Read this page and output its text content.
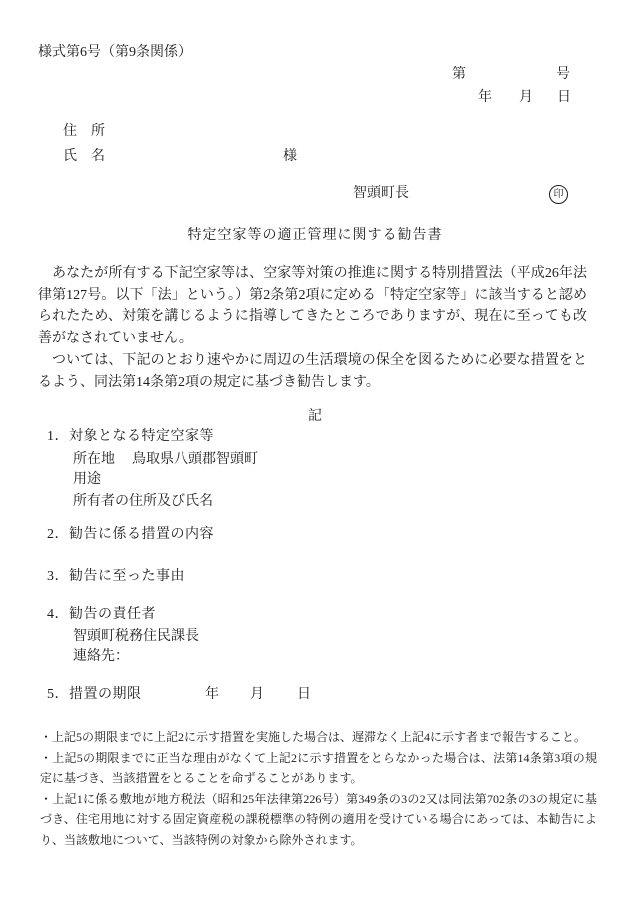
様式第6号（第9条関係）
第	号
年 月 日
住　所
氏　名	様
智頭町長	印
特定空家等の適正管理に関する勧告書

あなたが所有する下記空家等は、空家等対策の推進に関する特別措置法（平成26年法律第127号。以下「法」という。）第2条第2項に定める「特定空家等」に該当すると認められたため、対策を講じるように指導してきたところでありますが、現在に至っても改善がなされていません。

ついては、下記のとおり速やかに周辺の生活環境の保全を図るために必要な措置をとるよう、同法第14条第2項の規定に基づき勧告します。

記
1．対象となる特定空家等
所在地 鳥取県八頭郡智頭町
用途
所有者の住所及び氏名
2．勧告に係る措置の内容
3．勧告に至った事由
4．勧告の責任者
智頭町税務住民課長
連絡先：
5．措置の期限	年 月 日

・上記5の期限までに上記2に示す措置を実施した場合は、遅滞なく上記4に示す者まで報告すること。

・上記5の期限までに正当な理由がなくて上記2に示す措置をとらなかった場合は、法第14条第3項の規定に基づき、当該措置をとることを命ずることがあります。

・上記1に係る敷地が地方税法（昭和25年法律第226号）第349条の3の2又は同法第702条の3の規定に基づき、住宅用地に対する固定資産税の課税標準の特例の適用を受けている場合にあっては、本勧告により、当該敷地について、当該特例の対象から除外されます。
